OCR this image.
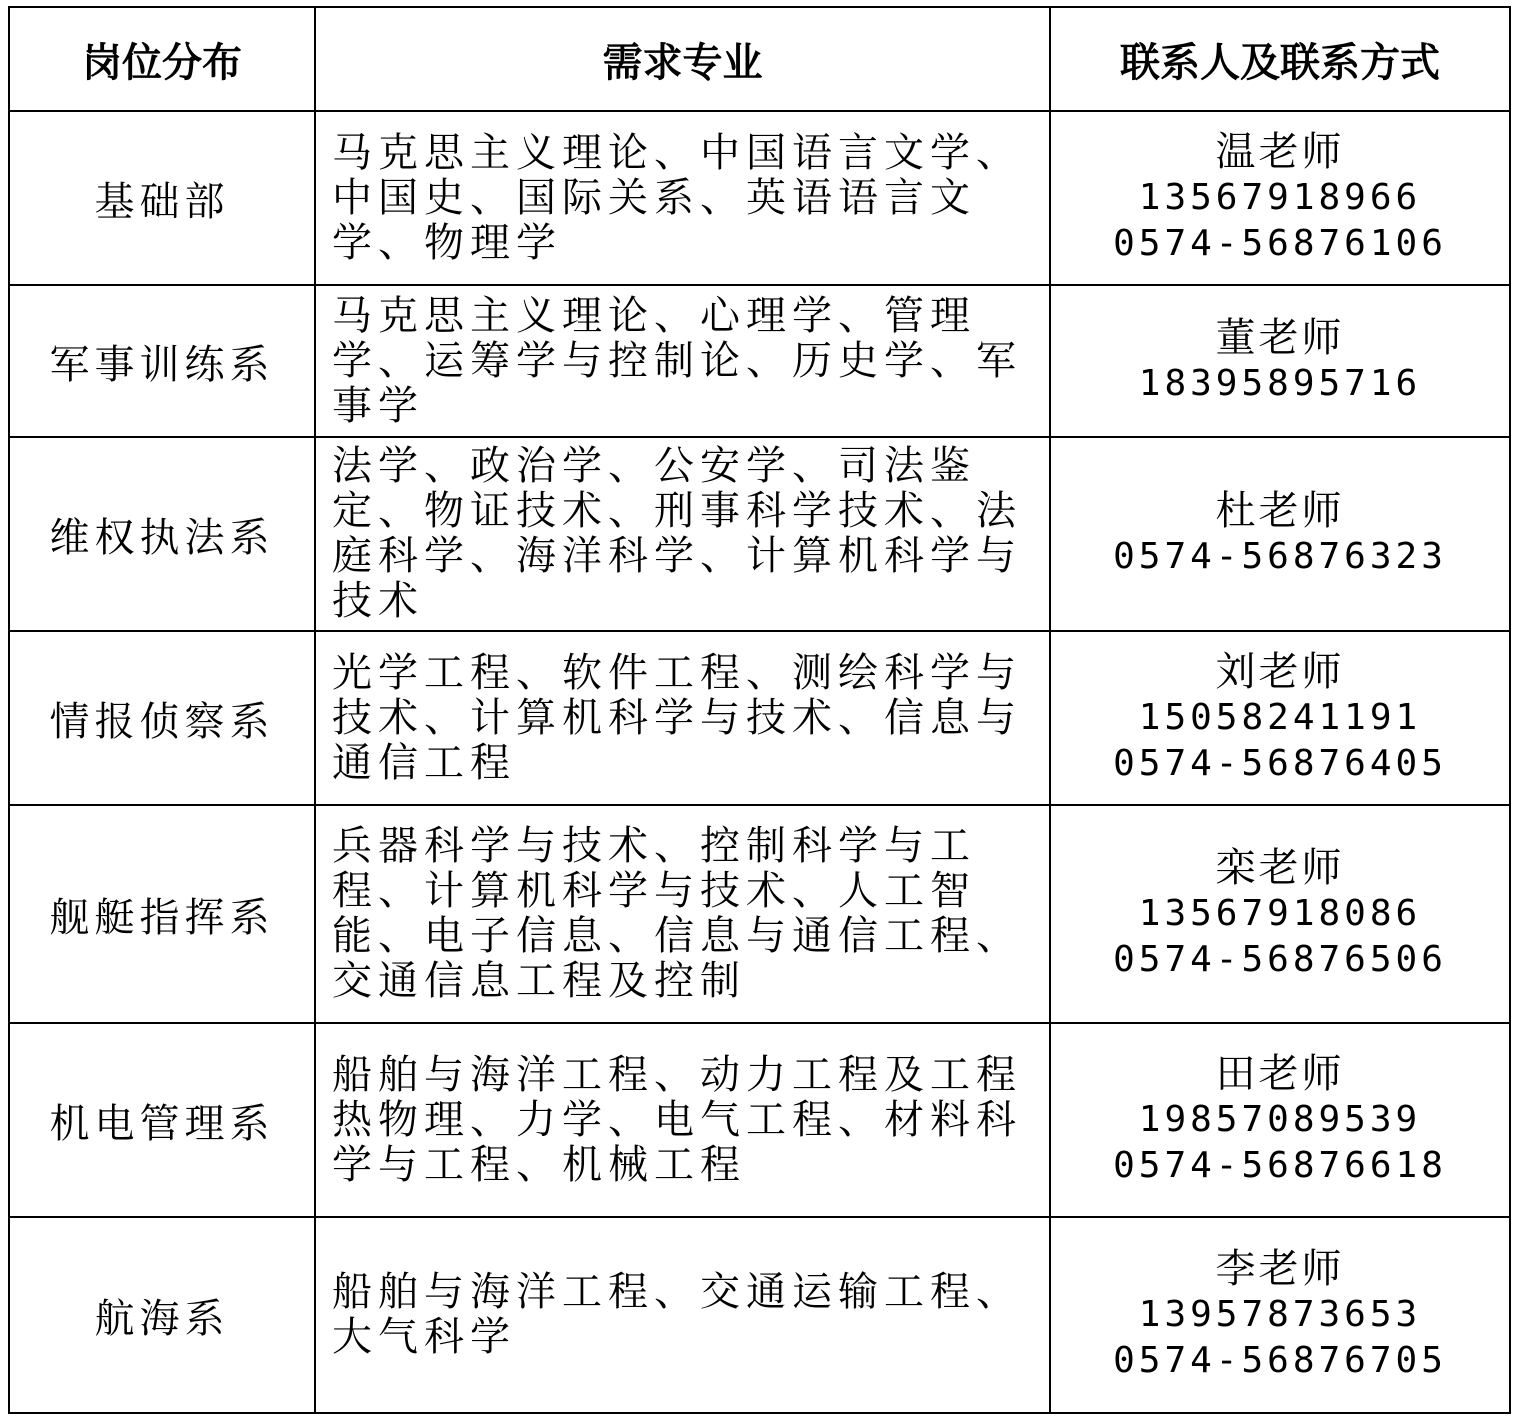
岗位分布	需求专业	联系人及联系方式
基础部	马克思主义理论、中国语言文学、中国史、国际关系、英语语言文学、物理学	温老师
13567918966
0574-56876106

军事训练系	马克思主义理论、心理学、管理学、运筹学与控制论、历史学、军事学	董老师
18395895716

维权执法系	法学、政治学、公安学、司法鉴定、物证技术、刑事科学技术、法庭科学、海洋科学、计算机科学与技术	杜老师
0574-56876323

情报侦察系	光学工程、软件工程、测绘科学与技术、计算机科学与技术、信息与通信工程	刘老师
15058241191
0574-56876405

舰艇指挥系	兵器科学与技术、控制科学与工程、计算机科学与技术、人工智能、电子信息、信息与通信工程、交通信息工程及控制	栾老师
13567918086
0574-56876506

机电管理系	船舶与海洋工程、动力工程及工程热物理、力学、电气工程、材料科学与工程、机械工程	田老师
19857089539
0574-56876618

航海系	船舶与海洋工程、交通运输工程、大气科学	李老师
13957873653
0574-56876705
